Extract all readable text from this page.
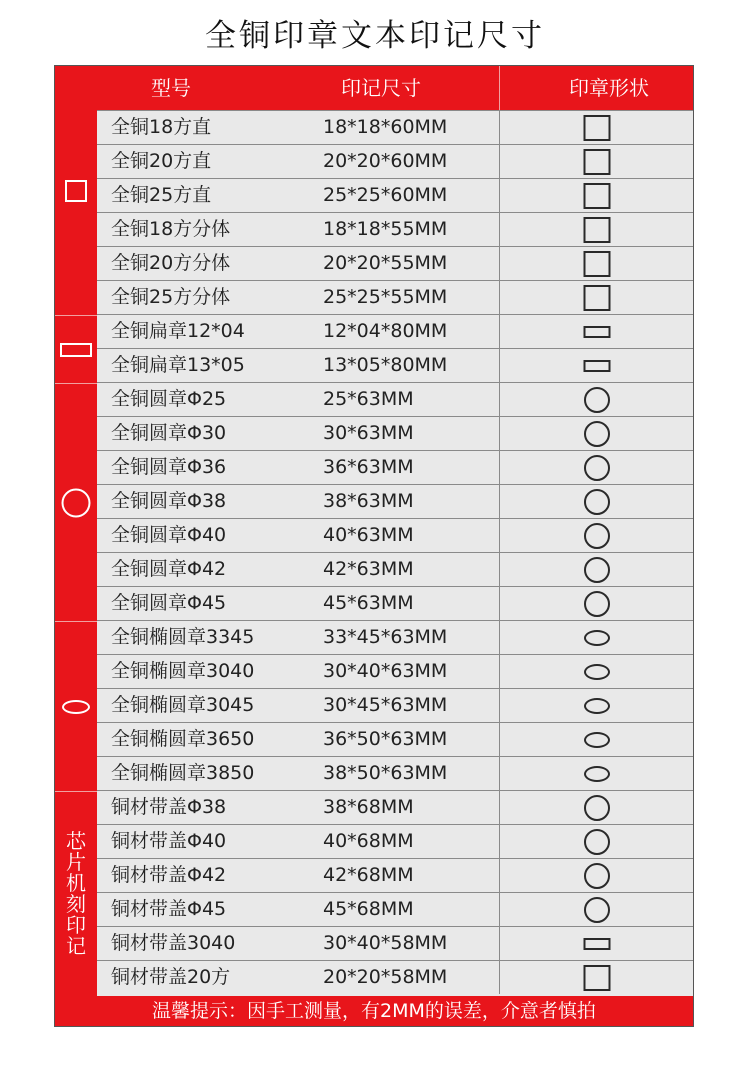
全铜印章文本印记尺寸
芯片机刻印记
型号	印记尺寸	印章形状
全铜18方直	18*18*60MM
全铜20方直	20*20*60MM
全铜25方直	25*25*60MM
全铜18方分体	18*18*55MM
全铜20方分体	20*20*55MM
全铜25方分体	25*25*55MM
全铜扁章12*04	12*04*80MM
全铜扁章13*05	13*05*80MM
全铜圆章Φ25	25*63MM
全铜圆章Φ30	30*63MM
全铜圆章Φ36	36*63MM
全铜圆章Φ38	38*63MM
全铜圆章Φ40	40*63MM
全铜圆章Φ42	42*63MM
全铜圆章Φ45	45*63MM
全铜椭圆章3345	33*45*63MM
全铜椭圆章3040	30*40*63MM
全铜椭圆章3045	30*45*63MM
全铜椭圆章3650	36*50*63MM
全铜椭圆章3850	38*50*63MM
铜材带盖Φ38	38*68MM
铜材带盖Φ40	40*68MM
铜材带盖Φ42	42*68MM
铜材带盖Φ45	45*68MM
铜材带盖3040	30*40*58MM
铜材带盖20方	20*20*58MM
温馨提示：因手工测量，有2MM的误差，介意者慎拍
